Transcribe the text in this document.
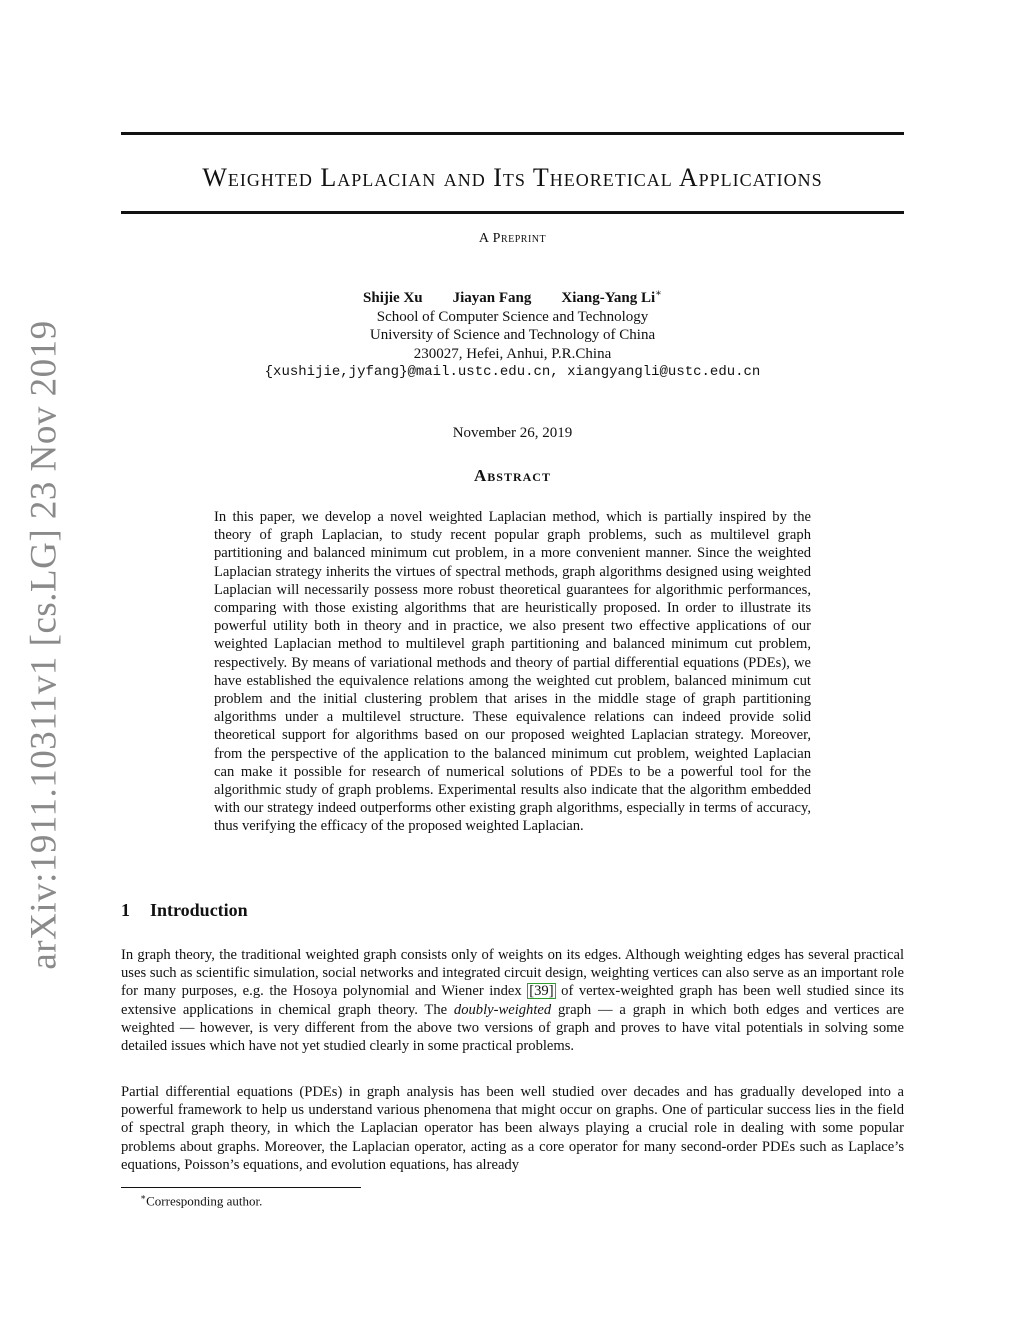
arXiv:1911.10311v1 [cs.LG] 23 Nov 2019
Weighted Laplacian and Its Theoretical Applications
A Preprint
Shijie Xu Jiayan Fang Xiang-Yang Li∗
School of Computer Science and Technology
University of Science and Technology of China
230027, Hefei, Anhui, P.R.China
{xushijie,jyfang}@mail.ustc.edu.cn, xiangyangli@ustc.edu.cn
November 26, 2019
Abstract

In this paper, we develop a novel weighted Laplacian method, which is partially inspired by the theory of graph Laplacian, to study recent popular graph problems, such as multilevel graph partitioning and balanced minimum cut problem, in a more convenient manner. Since the weighted Laplacian strategy inherits the virtues of spectral methods, graph algorithms designed using weighted Laplacian will necessarily possess more robust theoretical guarantees for algorithmic performances, comparing with those existing algorithms that are heuristically proposed. In order to illustrate its powerful utility both in theory and in practice, we also present two effective applications of our weighted Laplacian method to multilevel graph partitioning and balanced minimum cut problem, respectively. By means of variational methods and theory of partial differential equations (PDEs), we have established the equivalence relations among the weighted cut problem, balanced minimum cut problem and the initial clustering problem that arises in the middle stage of graph partitioning algorithms under a multilevel structure. These equivalence relations can indeed provide solid theoretical support for algorithms based on our proposed weighted Laplacian strategy. Moreover, from the perspective of the application to the balanced minimum cut problem, weighted Laplacian can make it possible for research of numerical solutions of PDEs to be a powerful tool for the algorithmic study of graph problems. Experimental results also indicate that the algorithm embedded with our strategy indeed outperforms other existing graph algorithms, especially in terms of accuracy, thus verifying the efficacy of the proposed weighted Laplacian.

1 Introduction

In graph theory, the traditional weighted graph consists only of weights on its edges. Although weighting edges has several practical uses such as scientific simulation, social networks and integrated circuit design, weighting vertices can also serve as an important role for many purposes, e.g. the Hosoya polynomial and Wiener index [39] of vertex-weighted graph has been well studied since its extensive applications in chemical graph theory. The doubly-weighted graph — a graph in which both edges and vertices are weighted — however, is very different from the above two versions of graph and proves to have vital potentials in solving some detailed issues which have not yet studied clearly in some practical problems.

Partial differential equations (PDEs) in graph analysis has been well studied over decades and has gradually developed into a powerful framework to help us understand various phenomena that might occur on graphs. One of particular success lies in the field of spectral graph theory, in which the Laplacian operator has been always playing a crucial role in dealing with some popular problems about graphs. Moreover, the Laplacian operator, acting as a core operator for many second-order PDEs such as Laplace’s equations, Poisson’s equations, and evolution equations, has already

∗Corresponding author.
